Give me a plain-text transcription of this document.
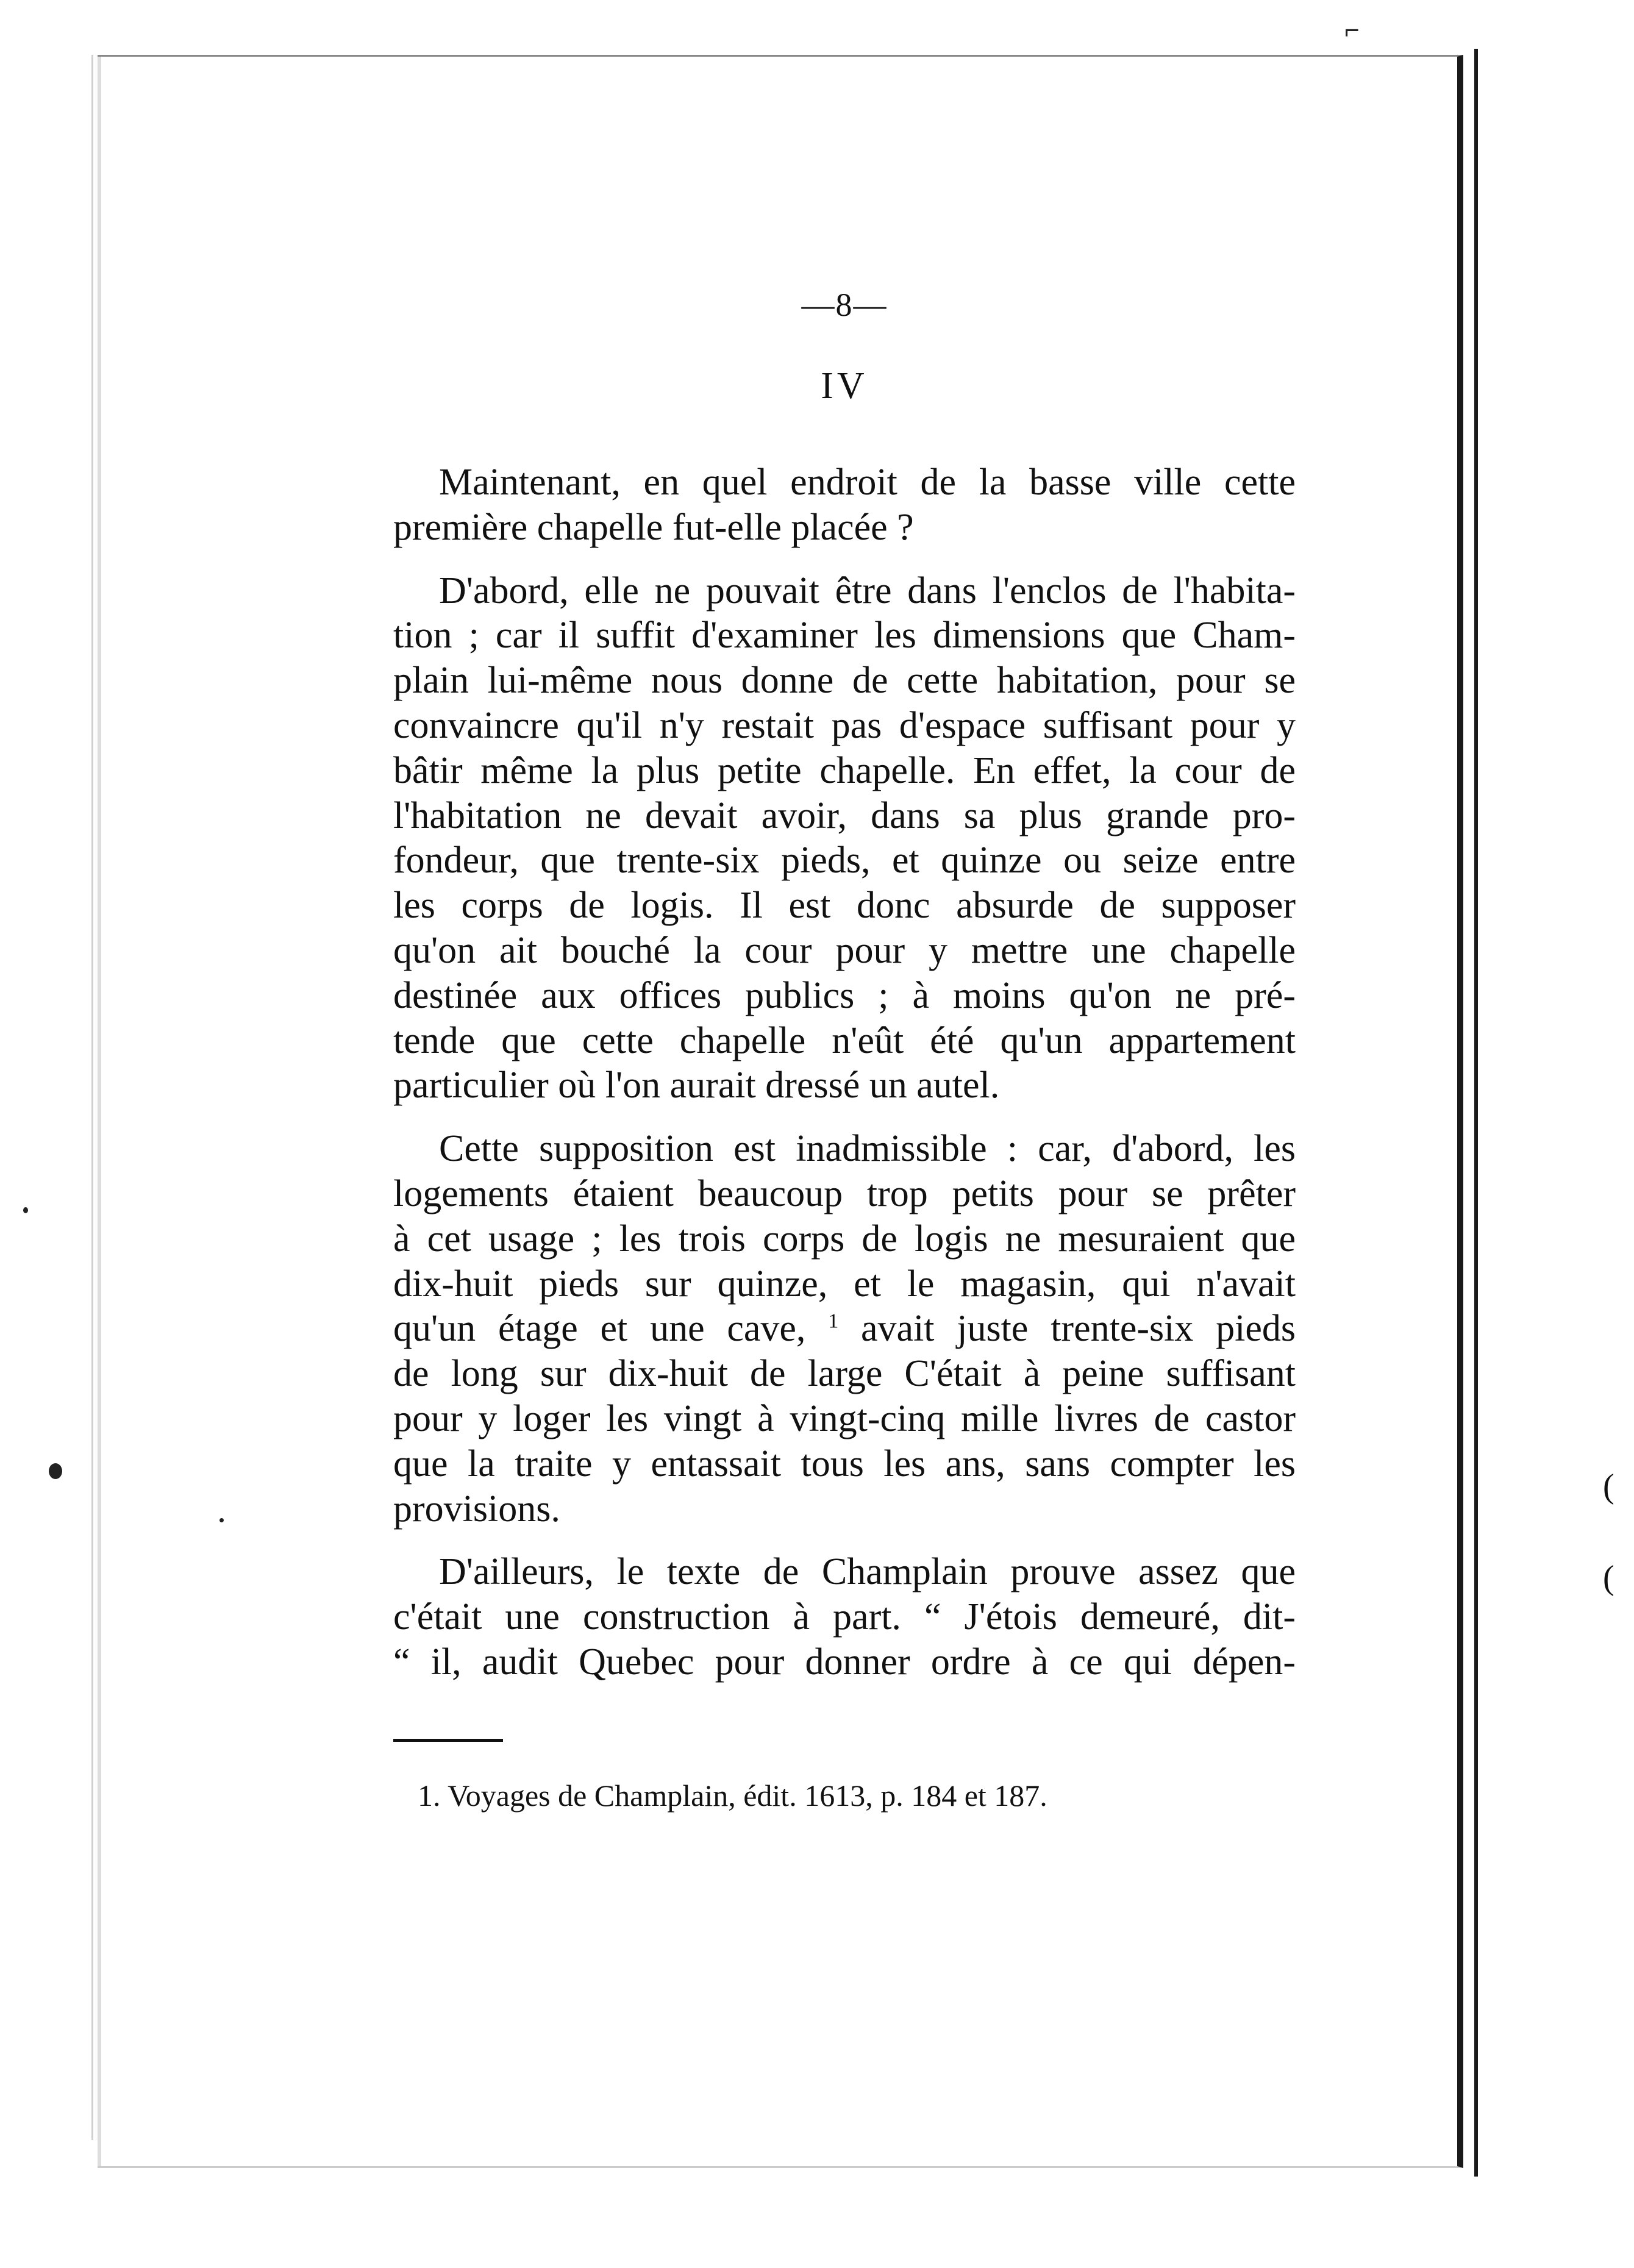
(
(
⌐
—8—
IV
Maintenant, en quel endroit de la basse ville cette
première chapelle fut-elle placée ?
D'abord, elle ne pouvait être dans l'enclos de l'habita-
tion ; car il suffit d'examiner les dimensions que Cham-
plain lui-même nous donne de cette habitation, pour se
convaincre qu'il n'y restait pas d'espace suffisant pour y
bâtir même la plus petite chapelle. En effet, la cour de
l'habitation ne devait avoir, dans sa plus grande pro-
fondeur, que trente-six pieds, et quinze ou seize entre
les corps de logis. Il est donc absurde de supposer
qu'on ait bouché la cour pour y mettre une chapelle
destinée aux offices publics ; à moins qu'on ne pré-
tende que cette chapelle n'eût été qu'un appartement
particulier où l'on aurait dressé un autel.
Cette supposition est inadmissible : car, d'abord, les
logements étaient beaucoup trop petits pour se prêter
à cet usage ; les trois corps de logis ne mesuraient que
dix-huit pieds sur quinze, et le magasin, qui n'avait
qu'un étage et une cave, $^1$ avait juste trente-six pieds
de long sur dix-huit de large C'était à peine suffisant
pour y loger les vingt à vingt-cinq mille livres de castor
que la traite y entassait tous les ans, sans compter les
provisions.
D'ailleurs, le texte de Champlain prouve assez que
c'était une construction à part. “ J'étois demeuré, dit-
“ il, audit Quebec pour donner ordre à ce qui dépen-
1. Voyages de Champlain, édit. 1613, p. 184 et 187.
